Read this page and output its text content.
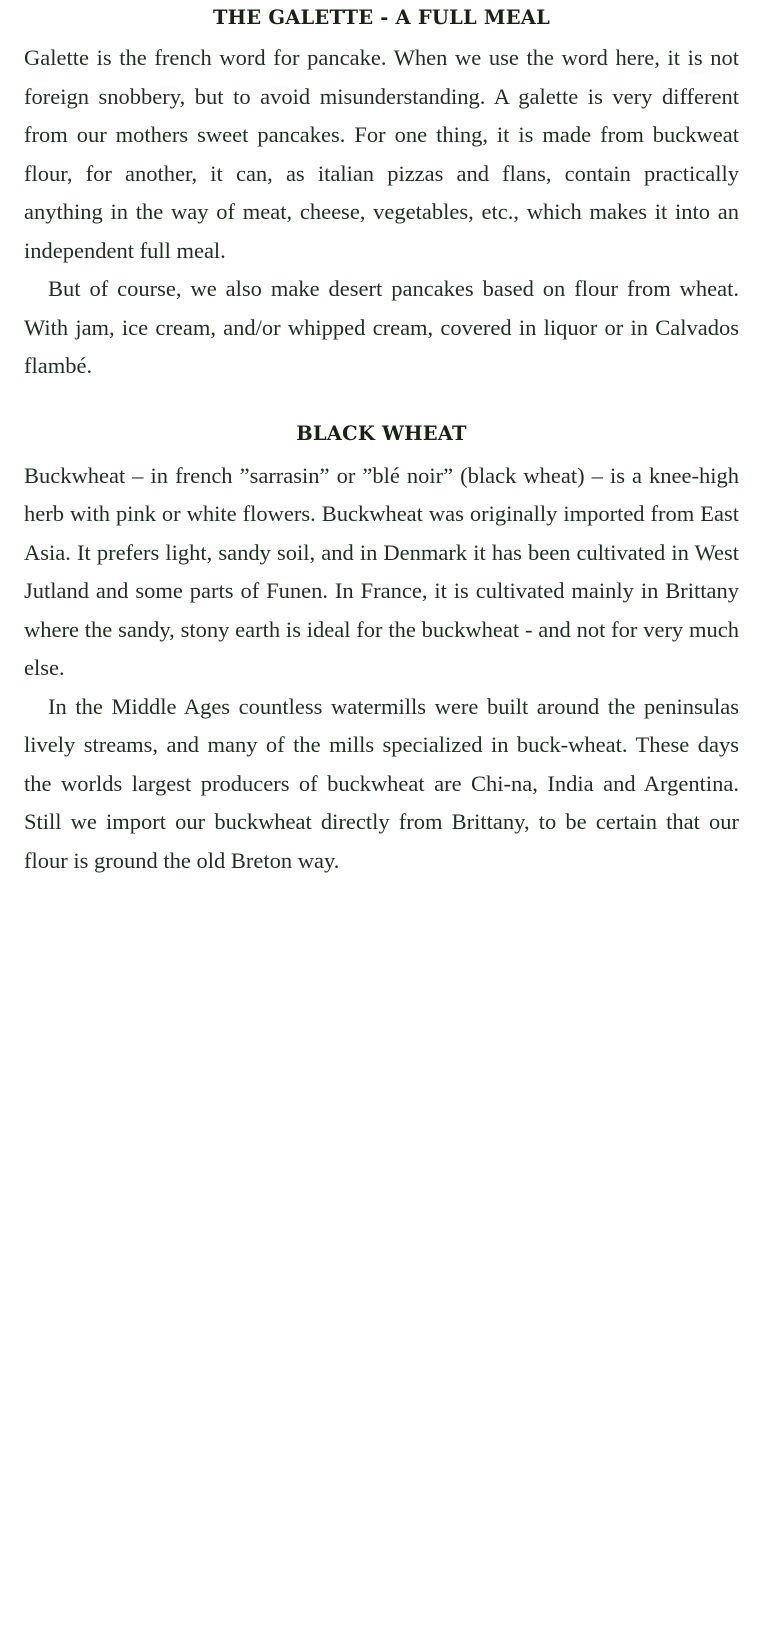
THE GALETTE - A FULL MEAL

Galette is the french word for pancake. When we use the word here, it is not foreign snobbery, but to avoid misunderstanding. A galette is very different from our mothers sweet pancakes. For one thing, it is made from buckweat flour, for another, it can, as italian pizzas and flans, contain practically anything in the way of meat, cheese, vegetables, etc., which makes it into an independent full meal.

But of course, we also make desert pancakes based on flour from wheat. With jam, ice cream, and/or whipped cream, covered in liquor or in Calvados flambé.

BLACK WHEAT

Buckwheat – in french ”sarrasin” or ”blé noir” (black wheat) – is a knee-high herb with pink or white flowers. Buckwheat was originally imported from East Asia. It prefers light, sandy soil, and in Denmark it has been cultivated in West Jutland and some parts of Funen. In France, it is cultivated mainly in Brittany where the sandy, stony earth is ideal for the buckwheat - and not for very much else.

In the Middle Ages countless watermills were built around the peninsulas lively streams, and many of the mills specialized in buck-wheat. These days the worlds largest producers of buckwheat are Chi-na, India and Argentina. Still we import our buckwheat directly from Brittany, to be certain that our flour is ground the old Breton way.
